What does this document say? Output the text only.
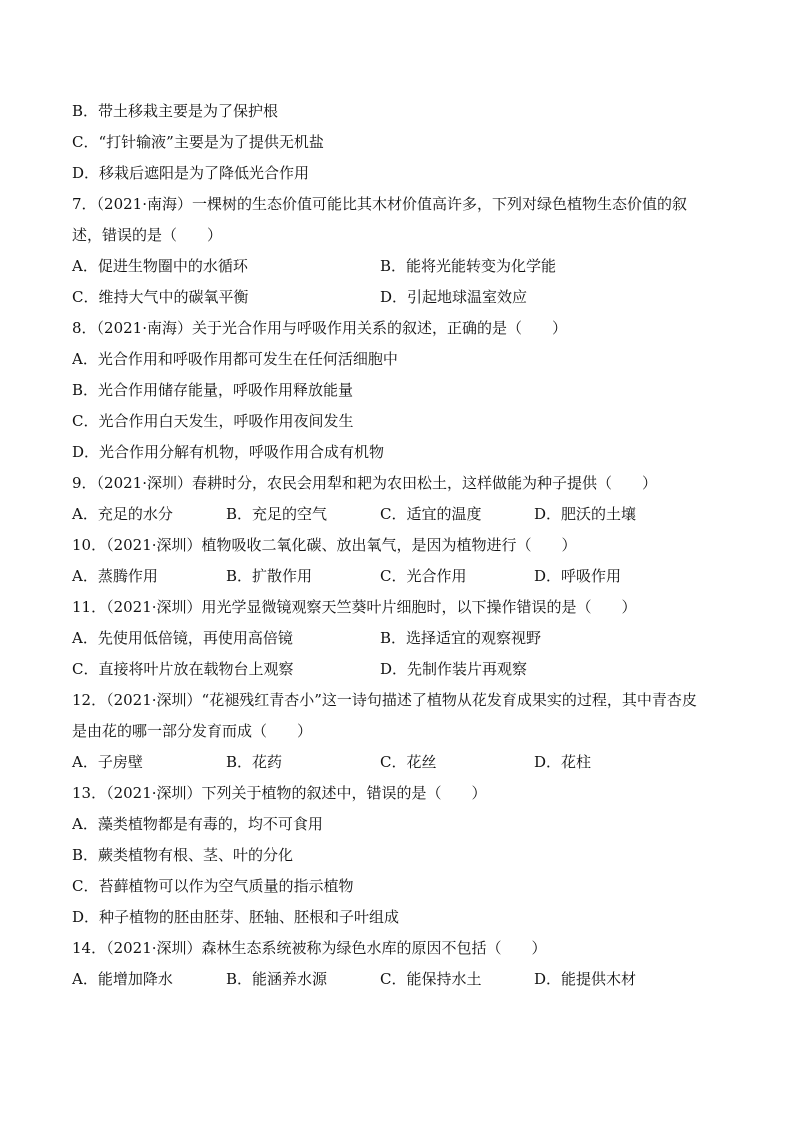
B．带土移栽主要是为了保护根
C．“打针输液”主要是为了提供无机盐
D．移栽后遮阳是为了降低光合作用
7．（2021·南海）一棵树的生态价值可能比其木材价值高许多，下列对绿色植物生态价值的叙
述，错误的是（　　）
A．促进生物圈中的水循环	B．能将光能转变为化学能
C．维持大气中的碳氧平衡	D．引起地球温室效应
8．（2021·南海）关于光合作用与呼吸作用关系的叙述，正确的是（　　）
A．光合作用和呼吸作用都可发生在任何活细胞中
B．光合作用储存能量，呼吸作用释放能量
C．光合作用白天发生，呼吸作用夜间发生
D．光合作用分解有机物，呼吸作用合成有机物
9．（2021·深圳）春耕时分，农民会用犁和耙为农田松土，这样做能为种子提供（　　）
A．充足的水分	B．充足的空气	C．适宜的温度	D．肥沃的土壤
10．（2021·深圳）植物吸收二氧化碳、放出氧气，是因为植物进行（　　）
A．蒸腾作用	B．扩散作用	C．光合作用	D．呼吸作用
11．（2021·深圳）用光学显微镜观察天竺葵叶片细胞时，以下操作错误的是（　　）
A．先使用低倍镜，再使用高倍镜	B．选择适宜的观察视野
C．直接将叶片放在载物台上观察	D．先制作装片再观察
12．（2021·深圳）“花褪残红青杏小”这一诗句描述了植物从花发育成果实的过程，其中青杏皮
是由花的哪一部分发育而成（　　）
A．子房壁	B．花药	C．花丝	D．花柱
13．（2021·深圳）下列关于植物的叙述中，错误的是（　　）
A．藻类植物都是有毒的，均不可食用
B．蕨类植物有根、茎、叶的分化
C．苔藓植物可以作为空气质量的指示植物
D．种子植物的胚由胚芽、胚轴、胚根和子叶组成
14．（2021·深圳）森林生态系统被称为绿色水库的原因不包括（　　）
A．能增加降水	B．能涵养水源	C．能保持水土	D．能提供木材
